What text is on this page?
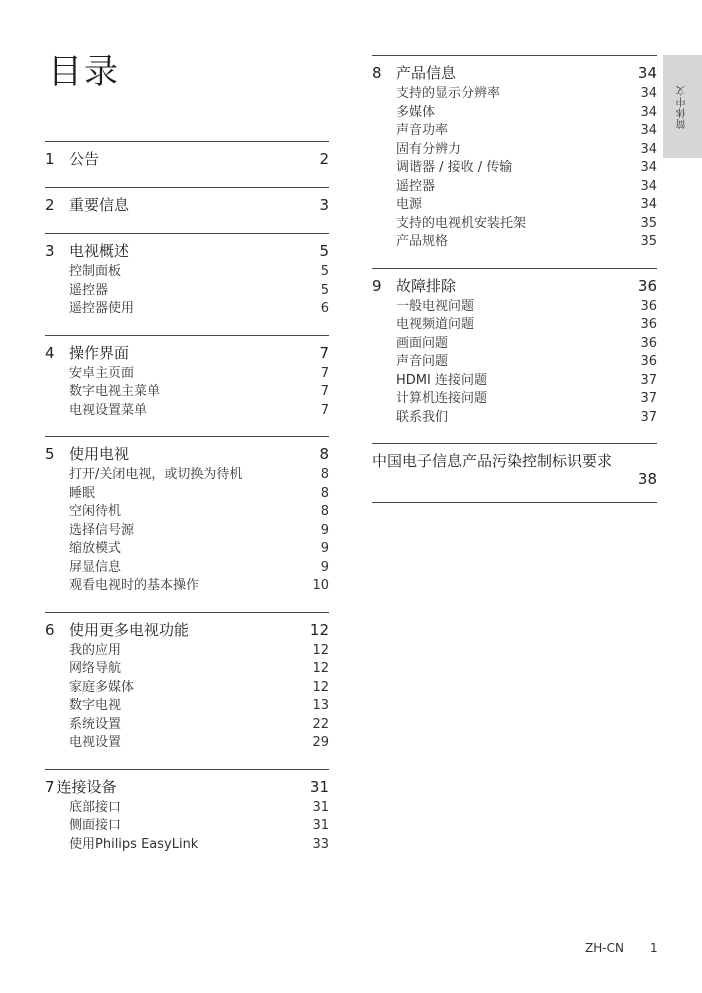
目录
1 公告	2
2 重要信息	3
3 电视概述	5
控制面板	5
遥控器	5
遥控器使用	6
4 操作界面	7
安卓主页面	7
数字电视主菜单	7
电视设置菜单	7
5 使用电视	8
打开/关闭电视，或切换为待机	8
睡眠	8
空闲待机	8
选择信号源	9
缩放模式	9
屏显信息	9
观看电视时的基本操作	10
6 使用更多电视功能	12
我的应用	12
网络导航	12
家庭多媒体	12
数字电视	13
系统设置	22
电视设置	29
7 连接设备	31
底部接口	31
侧面接口	31
使用Philips EasyLink	33
8 产品信息	34
支持的显示分辨率	34
多媒体	34
声音功率	34
固有分辨力	34
调谐器 / 接收 / 传输	34
遥控器	34
电源	34
支持的电视机安装托架	35
产品规格	35
9 故障排除	36
一般电视问题	36
电视频道问题	36
画面问题	36
声音问题	36
HDMI 连接问题	37
计算机连接问题	37
联系我们	37
中国电子信息产品污染控制标识要求
38
简体中文
ZH-CN 1
